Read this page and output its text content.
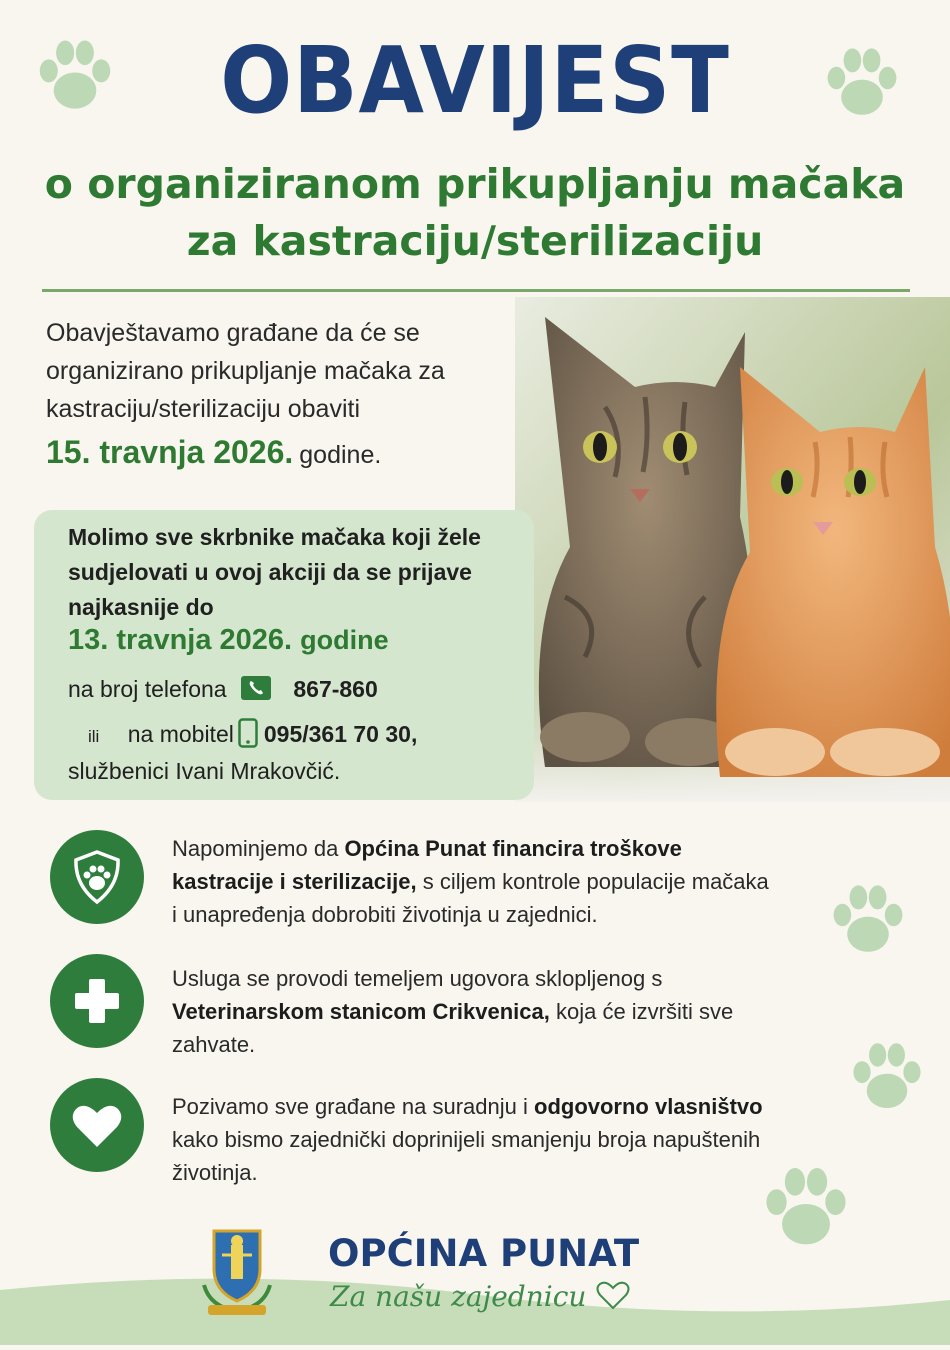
OBAVIJEST
o organiziranom prikupljanju mačaka
za kastraciju/sterilizaciju
Obavještavamo građane da će se organizirano prikupljanje mačaka za kastraciju/sterilizaciju obaviti
15. travnja 2026. godine.
Molimo sve skrbnike mačaka koji žele sudjelovati u ovoj akciji da se prijave najkasnije do
13. travnja 2026. godine
na broj telefona	867-860
ili na mobitel 095/361 70 30,
službenici Ivani Mrakovčić.
Napominjemo da Općina Punat financira troškove kastracije i sterilizacije, s ciljem kontrole populacije mačaka i unapređenja dobrobiti životinja u zajednici.
Usluga se provodi temeljem ugovora sklopljenog s Veterinarskom stanicom Crikvenica, koja će izvršiti sve zahvate.
Pozivamo sve građane na suradnju i odgovorno vlasništvo kako bismo zajednički doprinijeli smanjenju broja napuštenih životinja.
OPĆINA PUNAT
Za našu zajednicu
